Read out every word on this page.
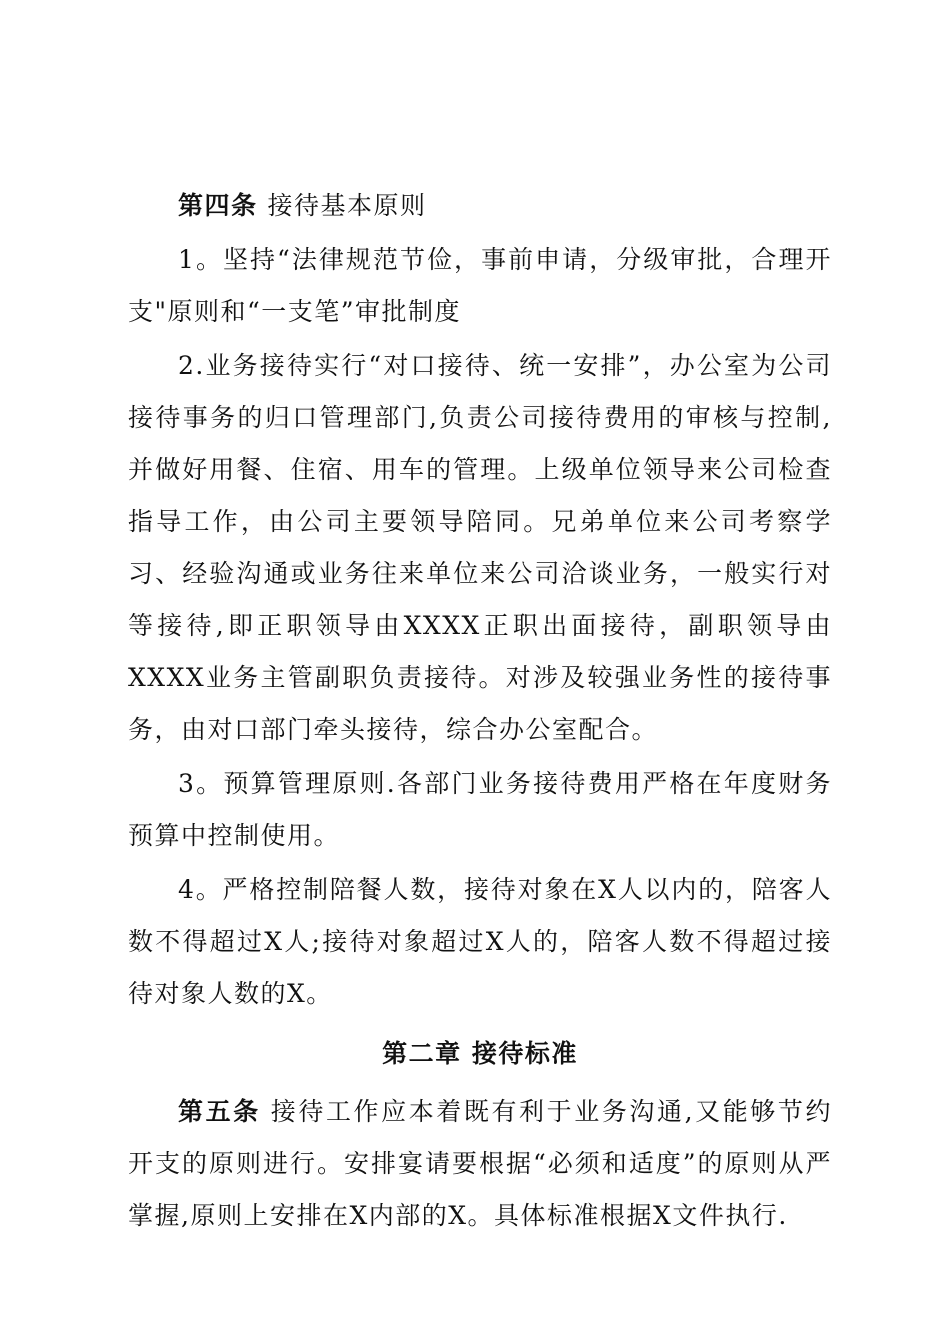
第四条 接待基本原则

1。坚持“法律规范节俭，事前申请，分级审批，合理开支"原则和“一支笔”审批制度

2.业务接待实行“对口接待、统一安排”，办公室为公司接待事务的归口管理部门,负责公司接待费用的审核与控制,并做好用餐、住宿、用车的管理。上级单位领导来公司检查指导工作，由公司主要领导陪同。兄弟单位来公司考察学习、经验沟通或业务往来单位来公司洽谈业务，一般实行对等接待,即正职领导由XXXX正职出面接待，副职领导由XXXX业务主管副职负责接待。对涉及较强业务性的接待事务，由对口部门牵头接待，综合办公室配合。

3。预算管理原则.各部门业务接待费用严格在年度财务预算中控制使用。

4。严格控制陪餐人数，接待对象在X人以内的，陪客人数不得超过X人;接待对象超过X人的，陪客人数不得超过接待对象人数的X。

第二章 接待标准

第五条 接待工作应本着既有利于业务沟通,又能够节约开支的原则进行。安排宴请要根据“必须和适度”的原则从严掌握,原则上安排在X内部的X。具体标准根据X文件执行.
